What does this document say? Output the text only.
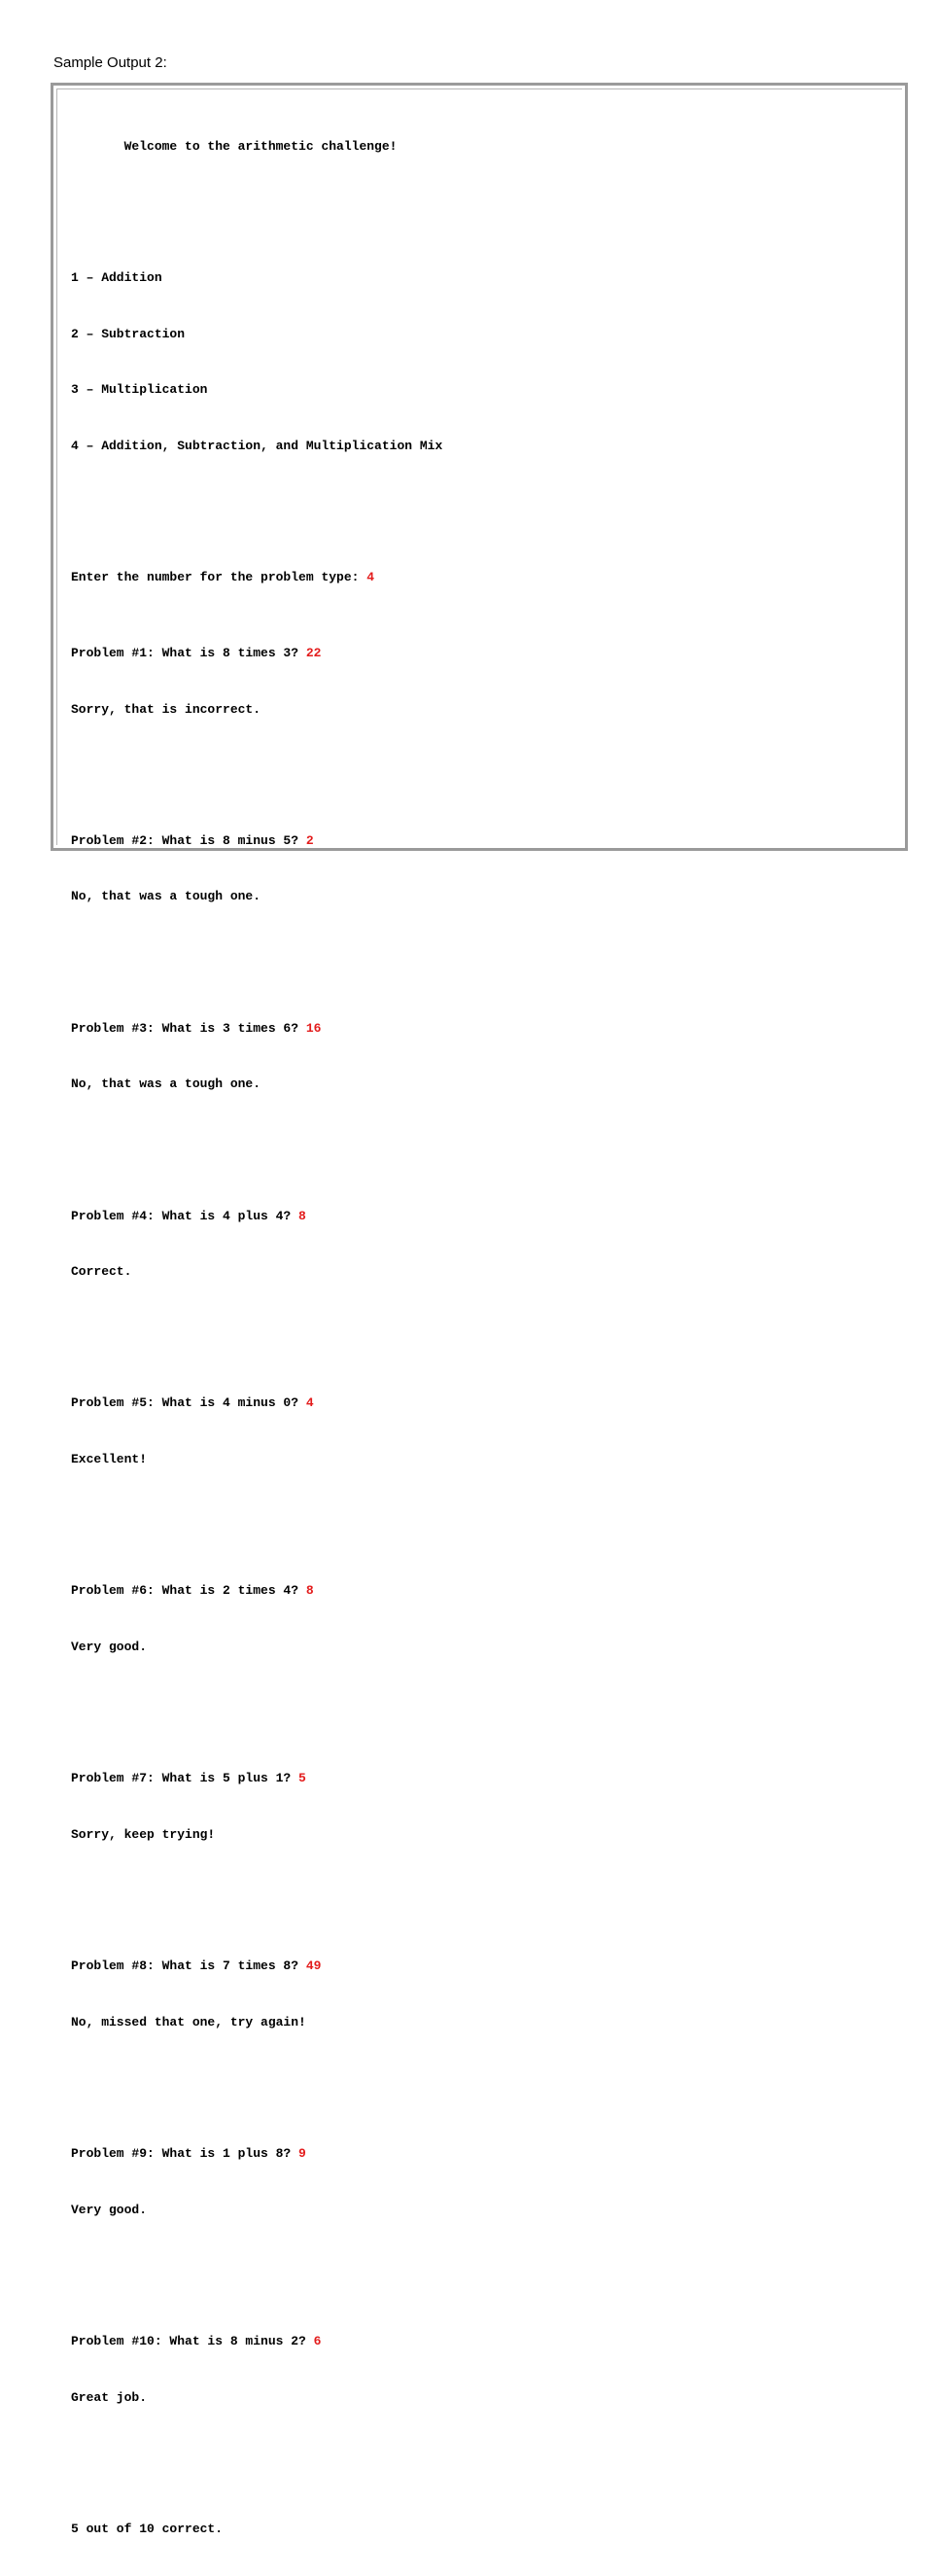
Sample Output 2:

Welcome to the arithmetic challenge!

1 – Addition

2 – Subtraction

3 – Multiplication

4 – Addition, Subtraction, and Multiplication Mix

Enter the number for the problem type: 4

Problem #1: What is 8 times 3? 22

Sorry, that is incorrect.

Problem #2: What is 8 minus 5? 2

No, that was a tough one.

Problem #3: What is 3 times 6? 16

No, that was a tough one.

Problem #4: What is 4 plus 4? 8

Correct.

Problem #5: What is 4 minus 0? 4

Excellent!

Problem #6: What is 2 times 4? 8

Very good.

Problem #7: What is 5 plus 1? 5

Sorry, keep trying!

Problem #8: What is 7 times 8? 49

No, missed that one, try again!

Problem #9: What is 1 plus 8? 9

Very good.

Problem #10: What is 8 minus 2? 6

Great job.

5 out of 10 correct.
